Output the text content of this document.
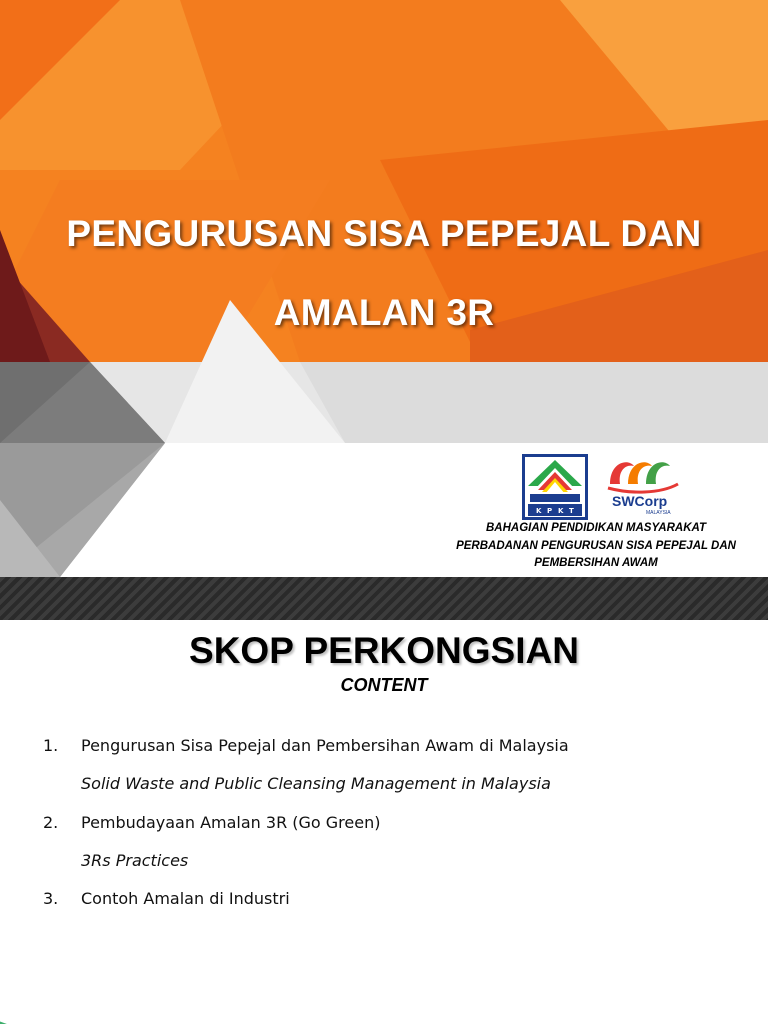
PENGURUSAN SISA PEPEJAL DAN
AMALAN 3R
K P K T
SWCorp
MALAYSIA
BAHAGIAN PENDIDIKAN MASYARAKAT
PERBADANAN PENGURUSAN SISA PEPEJAL DAN
PEMBERSIHAN AWAM
SKOP PERKONGSIAN
CONTENT
1. Pengurusan Sisa Pepejal dan Pembersihan Awam di Malaysia
Solid Waste and Public Cleansing Management in Malaysia
2. Pembudayaan Amalan 3R (Go Green)
3Rs Practices
3. Contoh Amalan di Industri
